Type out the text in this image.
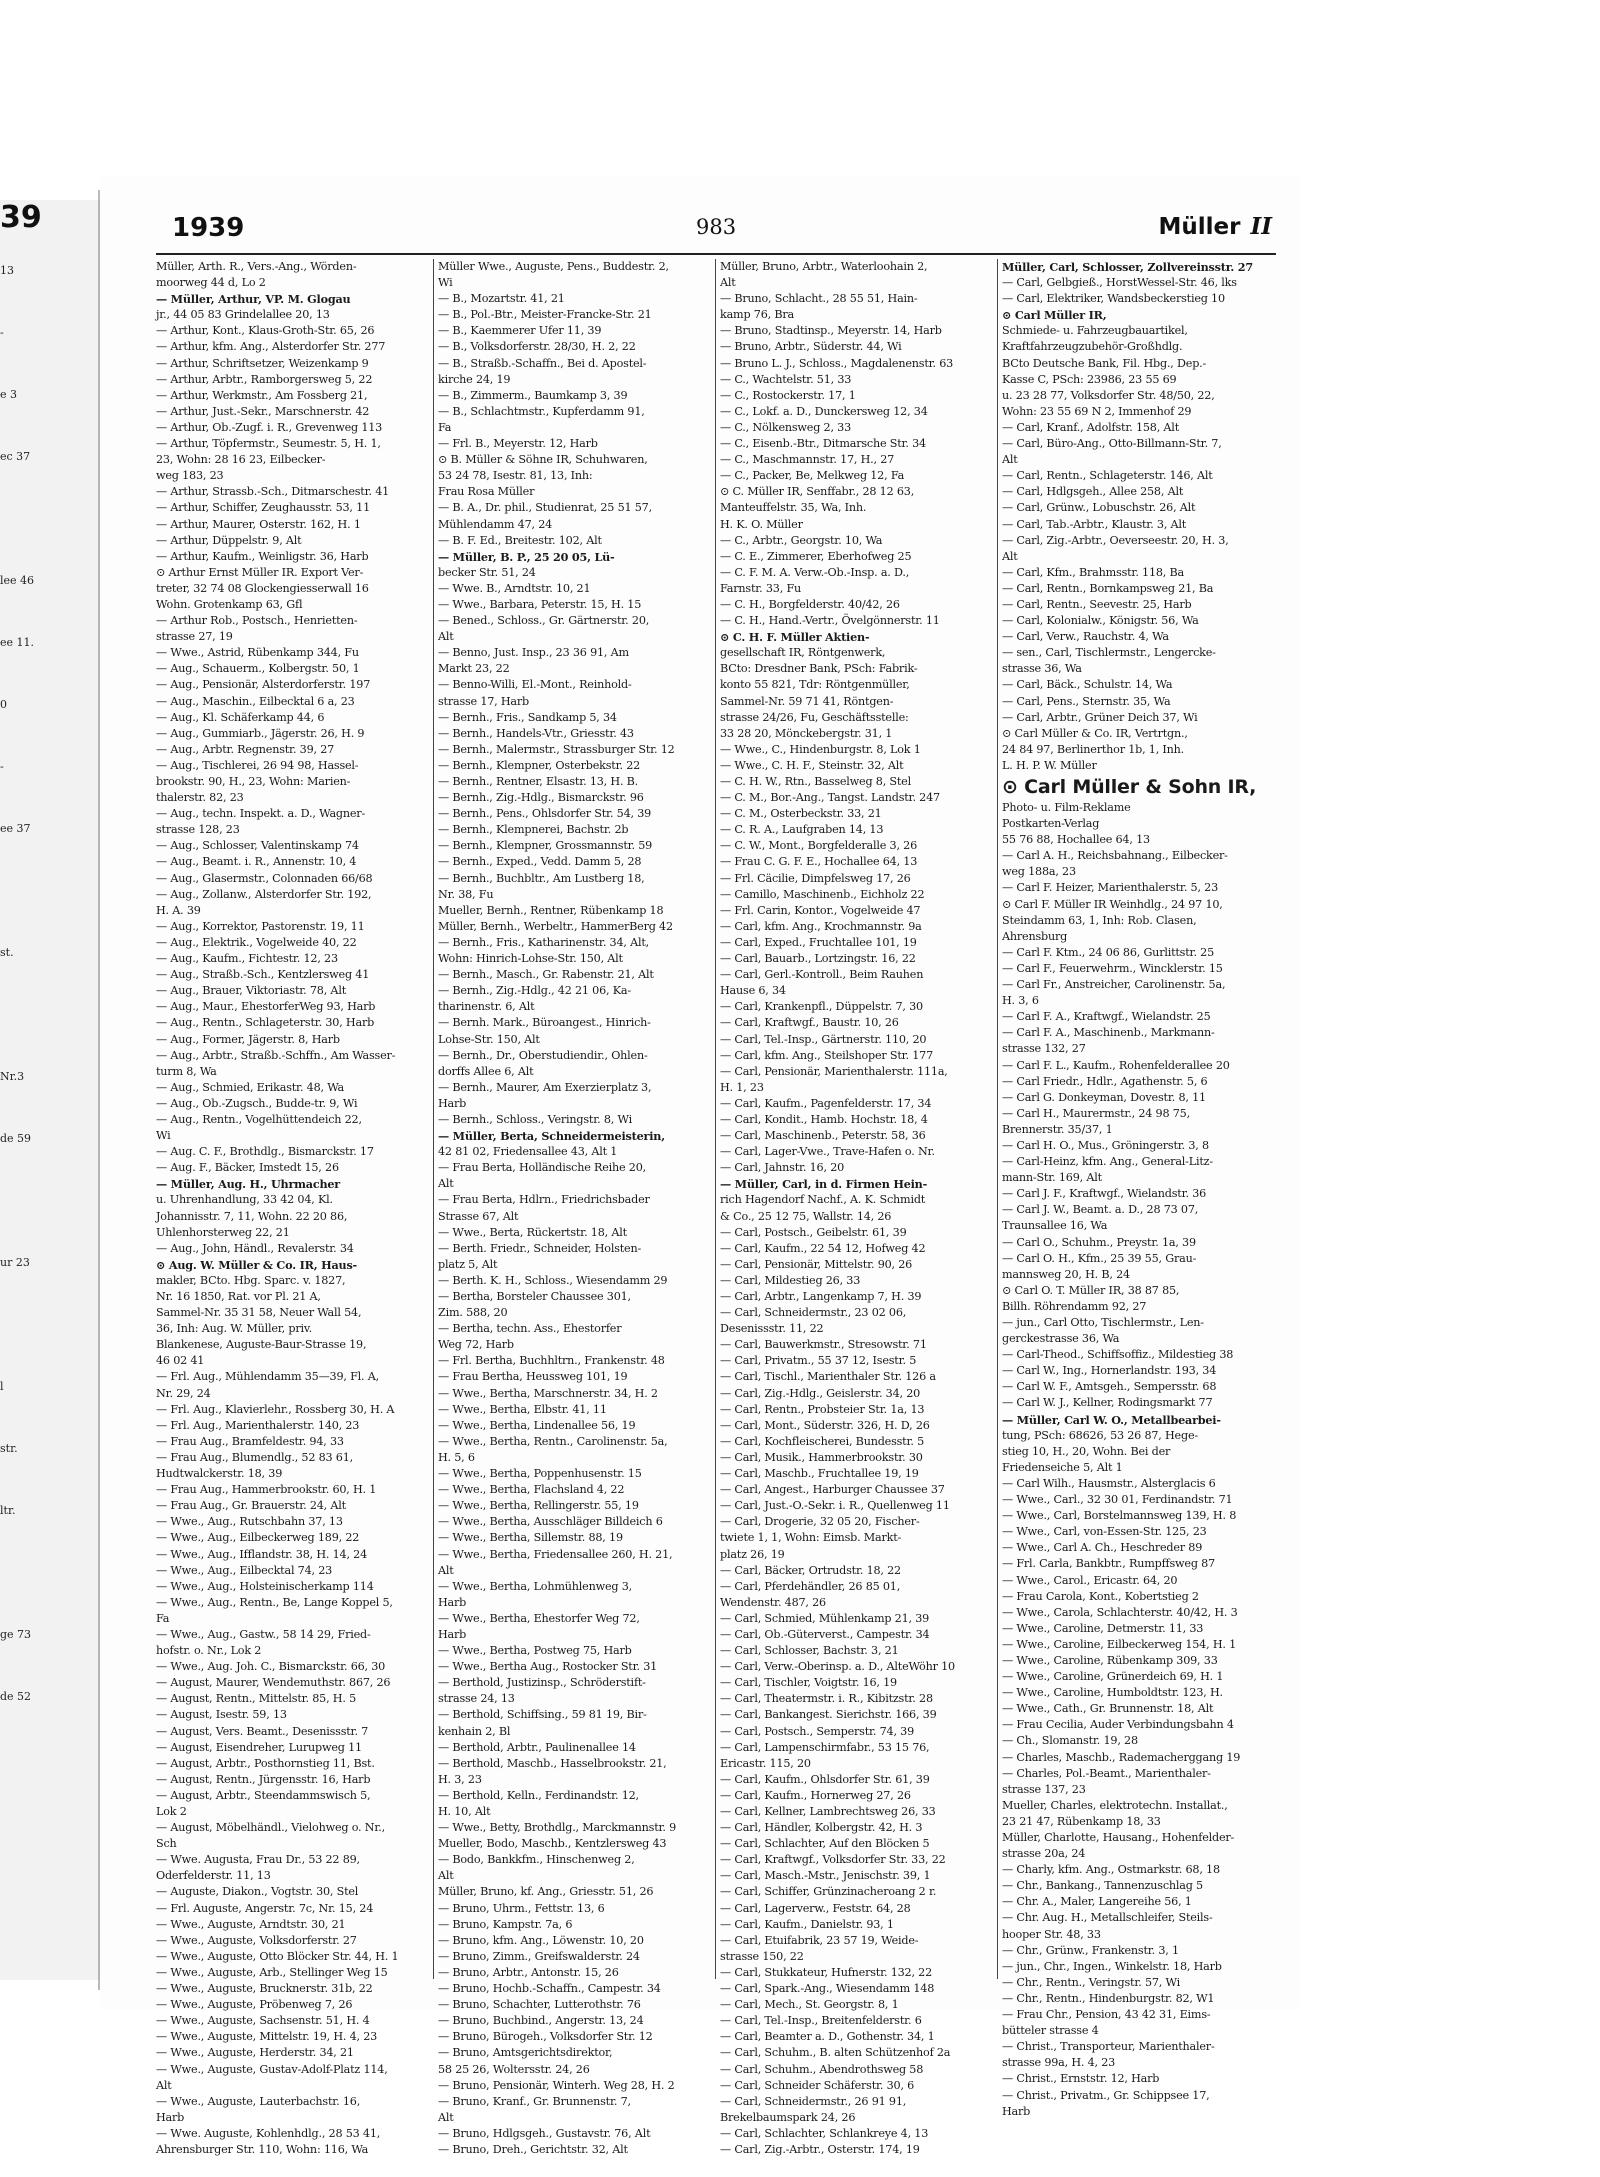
39
13
-
e 3
ec 37

lee 46
ee 11.
0
-
ee 37

st.

Nr.3
de 59

ur 23

l
str.
ltr.

ge 73
de 52

1939	983	Müller II
Müller, Arth. R., Vers.-Ang., Wörden-
moorweg 44 d, Lo 2
— Müller, Arthur, VP. M. Glogau
jr., 44 05 83 Grindelallee 20, 13
— Arthur, Kont., Klaus-Groth-Str. 65, 26
— Arthur, kfm. Ang., Alsterdorfer Str. 277
— Arthur, Schriftsetzer, Weizenkamp 9
— Arthur, Arbtr., Ramborgersweg 5, 22
— Arthur, Werkmstr., Am Fossberg 21,
— Arthur, Just.-Sekr., Marschnerstr. 42
— Arthur, Ob.-Zugf. i. R., Grevenweg 113
— Arthur, Töpfermstr., Seumestr. 5, H. 1,
23, Wohn: 28 16 23, Eilbecker-
weg 183, 23
— Arthur, Strassb.-Sch., Ditmarschestr. 41
— Arthur, Schiffer, Zeughausstr. 53, 11
— Arthur, Maurer, Osterstr. 162, H. 1
— Arthur, Düppelstr. 9, Alt
— Arthur, Kaufm., Weinligstr. 36, Harb
⊙ Arthur Ernst Müller IR. Export Ver-
treter, 32 74 08 Glockengiesserwall 16
Wohn. Grotenkamp 63, Gfl
— Arthur Rob., Postsch., Henrietten-
strasse 27, 19
— Wwe., Astrid, Rübenkamp 344, Fu
— Aug., Schauerm., Kolbergstr. 50, 1
— Aug., Pensionär, Alsterdorferstr. 197
— Aug., Maschin., Eilbecktal 6 a, 23
— Aug., Kl. Schäferkamp 44, 6
— Aug., Gummiarb., Jägerstr. 26, H. 9
— Aug., Arbtr. Regnenstr. 39, 27
— Aug., Tischlerei, 26 94 98, Hassel-
brookstr. 90, H., 23, Wohn: Marien-
thalerstr. 82, 23
— Aug., techn. Inspekt. a. D., Wagner-
strasse 128, 23
— Aug., Schlosser, Valentinskamp 74
— Aug., Beamt. i. R., Annenstr. 10, 4
— Aug., Glasermstr., Colonnaden 66/68
— Aug., Zollanw., Alsterdorfer Str. 192,
H. A. 39
— Aug., Korrektor, Pastorenstr. 19, 11
— Aug., Elektrik., Vogelweide 40, 22
— Aug., Kaufm., Fichtestr. 12, 23
— Aug., Straßb.-Sch., Kentzlersweg 41
— Aug., Brauer, Viktoriastr. 78, Alt
— Aug., Maur., EhestorferWeg 93, Harb
— Aug., Rentn., Schlageterstr. 30, Harb
— Aug., Former, Jägerstr. 8, Harb
— Aug., Arbtr., Straßb.-Schffn., Am Wasser-
turm 8, Wa
— Aug., Schmied, Erikastr. 48, Wa
— Aug., Ob.-Zugsch., Budde-tr. 9, Wi
— Aug., Rentn., Vogelhüttendeich 22,
Wi
— Aug. C. F., Brothdlg., Bismarckstr. 17
— Aug. F., Bäcker, Imstedt 15, 26
— Müller, Aug. H., Uhrmacher
u. Uhrenhandlung, 33 42 04, Kl.
Johannisstr. 7, 11, Wohn. 22 20 86,
Uhlenhorsterweg 22, 21
— Aug., John, Händl., Revalerstr. 34
⊙ Aug. W. Müller & Co. IR, Haus-
makler, BCto. Hbg. Sparc. v. 1827,
Nr. 16 1850, Rat. vor Pl. 21 A,
Sammel-Nr. 35 31 58, Neuer Wall 54,
36, Inh: Aug. W. Müller, priv.
Blankenese, Auguste-Baur-Strasse 19,
46 02 41
— Frl. Aug., Mühlendamm 35—39, Fl. A,
Nr. 29, 24
— Frl. Aug., Klavierlehr., Rossberg 30, H. A
— Frl. Aug., Marienthalerstr. 140, 23
— Frau Aug., Bramfeldestr. 94, 33
— Frau Aug., Blumendlg., 52 83 61,
Hudtwalckerstr. 18, 39
— Frau Aug., Hammerbrookstr. 60, H. 1
— Frau Aug., Gr. Brauerstr. 24, Alt
— Wwe., Aug., Rutschbahn 37, 13
— Wwe., Aug., Eilbeckerweg 189, 22
— Wwe., Aug., Ifflandstr. 38, H. 14, 24
— Wwe., Aug., Eilbecktal 74, 23
— Wwe., Aug., Holsteinischerkamp 114
— Wwe., Aug., Rentn., Be, Lange Koppel 5,
Fa
— Wwe., Aug., Gastw., 58 14 29, Fried-
hofstr. o. Nr., Lok 2
— Wwe., Aug. Joh. C., Bismarckstr. 66, 30
— August, Maurer, Wendemuthstr. 867, 26
— August, Rentn., Mittelstr. 85, H. 5
— August, Isestr. 59, 13
— August, Vers. Beamt., Desenissstr. 7
— August, Eisendreher, Lurupweg 11
— August, Arbtr., Posthornstieg 11, Bst.
— August, Rentn., Jürgensstr. 16, Harb
— August, Arbtr., Steendammswisch 5,
Lok 2
— August, Möbelhändl., Vielohweg o. Nr.,
Sch
— Wwe. Augusta, Frau Dr., 53 22 89,
Oderfelderstr. 11, 13
— Auguste, Diakon., Vogtstr. 30, Stel
— Frl. Auguste, Angerstr. 7c, Nr. 15, 24
— Wwe., Auguste, Arndtstr. 30, 21
— Wwe., Auguste, Volksdorferstr. 27
— Wwe., Auguste, Otto Blöcker Str. 44, H. 1
— Wwe., Auguste, Arb., Stellinger Weg 15
— Wwe., Auguste, Brucknerstr. 31b, 22
— Wwe., Auguste, Pröbenweg 7, 26
— Wwe., Auguste, Sachsenstr. 51, H. 4
— Wwe., Auguste, Mittelstr. 19, H. 4, 23
— Wwe., Auguste, Herderstr. 34, 21
— Wwe., Auguste, Gustav-Adolf-Platz 114,
Alt
— Wwe., Auguste, Lauterbachstr. 16,
Harb
— Wwe. Auguste, Kohlenhdlg., 28 53 41,
Ahrensburger Str. 110, Wohn: 116, Wa
Müller Wwe., Auguste, Pens., Buddestr. 2,
Wi
— B., Mozartstr. 41, 21
— B., Pol.-Btr., Meister-Francke-Str. 21
— B., Kaemmerer Ufer 11, 39
— B., Volksdorferstr. 28/30, H. 2, 22
— B., Straßb.-Schaffn., Bei d. Apostel-
kirche 24, 19
— B., Zimmerm., Baumkamp 3, 39
— B., Schlachtmstr., Kupferdamm 91,
Fa
— Frl. B., Meyerstr. 12, Harb
⊙ B. Müller & Söhne IR, Schuhwaren,
53 24 78, Isestr. 81, 13, Inh:
Frau Rosa Müller
— B. A., Dr. phil., Studienrat, 25 51 57,
Mühlendamm 47, 24
— B. F. Ed., Breitestr. 102, Alt
— Müller, B. P., 25 20 05, Lü-
becker Str. 51, 24
— Wwe. B., Arndtstr. 10, 21
— Wwe., Barbara, Peterstr. 15, H. 15
— Bened., Schloss., Gr. Gärtnerstr. 20,
Alt
— Benno, Just. Insp., 23 36 91, Am
Markt 23, 22
— Benno-Willi, El.-Mont., Reinhold-
strasse 17, Harb
— Bernh., Fris., Sandkamp 5, 34
— Bernh., Handels-Vtr., Griesstr. 43
— Bernh., Malermstr., Strassburger Str. 12
— Bernh., Klempner, Osterbekstr. 22
— Bernh., Rentner, Elsastr. 13, H. B.
— Bernh., Zig.-Hdlg., Bismarckstr. 96
— Bernh., Pens., Ohlsdorfer Str. 54, 39
— Bernh., Klempnerei, Bachstr. 2b
— Bernh., Klempner, Grossmannstr. 59
— Bernh., Exped., Vedd. Damm 5, 28
— Bernh., Buchbltr., Am Lustberg 18,
Nr. 38, Fu
Mueller, Bernh., Rentner, Rübenkamp 18
Müller, Bernh., Werbeltr., HammerBerg 42
— Bernh., Fris., Katharinenstr. 34, Alt,
Wohn: Hinrich-Lohse-Str. 150, Alt
— Bernh., Masch., Gr. Rabenstr. 21, Alt
— Bernh., Zig.-Hdlg., 42 21 06, Ka-
tharinenstr. 6, Alt
— Bernh. Mark., Büroangest., Hinrich-
Lohse-Str. 150, Alt
— Bernh., Dr., Oberstudiendir., Ohlen-
dorffs Allee 6, Alt
— Bernh., Maurer, Am Exerzierplatz 3,
Harb
— Bernh., Schloss., Veringstr. 8, Wi
— Müller, Berta, Schneidermeisterin,
42 81 02, Friedensallee 43, Alt 1
— Frau Berta, Holländische Reihe 20,
Alt
— Frau Berta, Hdlrn., Friedrichsbader
Strasse 67, Alt
— Wwe., Berta, Rückertstr. 18, Alt
— Berth. Friedr., Schneider, Holsten-
platz 5, Alt
— Berth. K. H., Schloss., Wiesendamm 29
— Bertha, Borsteler Chaussee 301,
Zim. 588, 20
— Bertha, techn. Ass., Ehestorfer
Weg 72, Harb
— Frl. Bertha, Buchhltrn., Frankenstr. 48
— Frau Bertha, Heussweg 101, 19
— Wwe., Bertha, Marschnerstr. 34, H. 2
— Wwe., Bertha, Elbstr. 41, 11
— Wwe., Bertha, Lindenallee 56, 19
— Wwe., Bertha, Rentn., Carolinenstr. 5a,
H. 5, 6
— Wwe., Bertha, Poppenhusenstr. 15
— Wwe., Bertha, Flachsland 4, 22
— Wwe., Bertha, Rellingerstr. 55, 19
— Wwe., Bertha, Ausschläger Billdeich 6
— Wwe., Bertha, Sillemstr. 88, 19
— Wwe., Bertha, Friedensallee 260, H. 21,
Alt
— Wwe., Bertha, Lohmühlenweg 3,
Harb
— Wwe., Bertha, Ehestorfer Weg 72,
Harb
— Wwe., Bertha, Postweg 75, Harb
— Wwe., Bertha Aug., Rostocker Str. 31
— Berthold, Justizinsp., Schröderstift-
strasse 24, 13
— Berthold, Schiffsing., 59 81 19, Bir-
kenhain 2, Bl
— Berthold, Arbtr., Paulinenallee 14
— Berthold, Maschb., Hasselbrookstr. 21,
H. 3, 23
— Berthold, Kelln., Ferdinandstr. 12,
H. 10, Alt
— Wwe., Betty, Brothdlg., Marckmannstr. 9
Mueller, Bodo, Maschb., Kentzlersweg 43
— Bodo, Bankkfm., Hinschenweg 2,
Alt
Müller, Bruno, kf. Ang., Griesstr. 51, 26
— Bruno, Uhrm., Fettstr. 13, 6
— Bruno, Kampstr. 7a, 6
— Bruno, kfm. Ang., Löwenstr. 10, 20
— Bruno, Zimm., Greifswalderstr. 24
— Bruno, Arbtr., Antonstr. 15, 26
— Bruno, Hochb.-Schaffn., Campestr. 34
— Bruno, Schachter, Lutterothstr. 76
— Bruno, Buchbind., Angerstr. 13, 24
— Bruno, Bürogeh., Volksdorfer Str. 12
— Bruno, Amtsgerichtsdirektor,
58 25 26, Woltersstr. 24, 26
— Bruno, Pensionär, Winterh. Weg 28, H. 2
— Bruno, Kranf., Gr. Brunnenstr. 7,
Alt
— Bruno, Hdlgsgeh., Gustavstr. 76, Alt
— Bruno, Dreh., Gerichtstr. 32, Alt
Müller, Bruno, Arbtr., Waterloohain 2,
Alt
— Bruno, Schlacht., 28 55 51, Hain-
kamp 76, Bra
— Bruno, Stadtinsp., Meyerstr. 14, Harb
— Bruno, Arbtr., Süderstr. 44, Wi
— Bruno L. J., Schloss., Magdalenenstr. 63
— C., Wachtelstr. 51, 33
— C., Rostockerstr. 17, 1
— C., Lokf. a. D., Dunckersweg 12, 34
— C., Nölkensweg 2, 33
— C., Eisenb.-Btr., Ditmarsche Str. 34
— C., Maschmannstr. 17, H., 27
— C., Packer, Be, Melkweg 12, Fa
⊙ C. Müller IR, Senffabr., 28 12 63,
Manteuffelstr. 35, Wa, Inh.
H. K. O. Müller
— C., Arbtr., Georgstr. 10, Wa
— C. E., Zimmerer, Eberhofweg 25
— C. F. M. A. Verw.-Ob.-Insp. a. D.,
Farnstr. 33, Fu
— C. H., Borgfelderstr. 40/42, 26
— C. H., Hand.-Vertr., Övelgönnerstr. 11
⊙ C. H. F. Müller Aktien-
gesellschaft IR, Röntgenwerk,
BCto: Dresdner Bank, PSch: Fabrik-
konto 55 821, Tdr: Röntgenmüller,
Sammel-Nr. 59 71 41, Röntgen-
strasse 24/26, Fu, Geschäftsstelle:
33 28 20, Mönckebergstr. 31, 1
— Wwe., C., Hindenburgstr. 8, Lok 1
— Wwe., C. H. F., Steinstr. 32, Alt
— C. H. W., Rtn., Basselweg 8, Stel
— C. M., Bor.-Ang., Tangst. Landstr. 247
— C. M., Osterbeckstr. 33, 21
— C. R. A., Laufgraben 14, 13
— C. W., Mont., Borgfelderalle 3, 26
— Frau C. G. F. E., Hochallee 64, 13
— Frl. Cäcilie, Dimpfelsweg 17, 26
— Camillo, Maschinenb., Eichholz 22
— Frl. Carin, Kontor., Vogelweide 47
— Carl, kfm. Ang., Krochmannstr. 9a
— Carl, Exped., Fruchtallee 101, 19
— Carl, Bauarb., Lortzingstr. 16, 22
— Carl, Gerl.-Kontroll., Beim Rauhen
Hause 6, 34
— Carl, Krankenpfl., Düppelstr. 7, 30
— Carl, Kraftwgf., Baustr. 10, 26
— Carl, Tel.-Insp., Gärtnerstr. 110, 20
— Carl, kfm. Ang., Steilshoper Str. 177
— Carl, Pensionär, Marienthalerstr. 111a,
H. 1, 23
— Carl, Kaufm., Pagenfelderstr. 17, 34
— Carl, Kondit., Hamb. Hochstr. 18, 4
— Carl, Maschinenb., Peterstr. 58, 36
— Carl, Lager-Vwe., Trave-Hafen o. Nr.
— Carl, Jahnstr. 16, 20
— Müller, Carl, in d. Firmen Hein-
rich Hagendorf Nachf., A. K. Schmidt
& Co., 25 12 75, Wallstr. 14, 26
— Carl, Postsch., Geibelstr. 61, 39
— Carl, Kaufm., 22 54 12, Hofweg 42
— Carl, Pensionär, Mittelstr. 90, 26
— Carl, Mildestieg 26, 33
— Carl, Arbtr., Langenkamp 7, H. 39
— Carl, Schneidermstr., 23 02 06,
Desenissstr. 11, 22
— Carl, Bauwerkmstr., Stresowstr. 71
— Carl, Privatm., 55 37 12, Isestr. 5
— Carl, Tischl., Marienthaler Str. 126 a
— Carl, Zig.-Hdlg., Geislerstr. 34, 20
— Carl, Rentn., Probsteier Str. 1a, 13
— Carl, Mont., Süderstr. 326, H. D, 26
— Carl, Kochfleischerei, Bundesstr. 5
— Carl, Musik., Hammerbrookstr. 30
— Carl, Maschb., Fruchtallee 19, 19
— Carl, Angest., Harburger Chaussee 37
— Carl, Just.-O.-Sekr. i. R., Quellenweg 11
— Carl, Drogerie, 32 05 20, Fischer-
twiete 1, 1, Wohn: Eimsb. Markt-
platz 26, 19
— Carl, Bäcker, Ortrudstr. 18, 22
— Carl, Pferdehändler, 26 85 01,
Wendenstr. 487, 26
— Carl, Schmied, Mühlenkamp 21, 39
— Carl, Ob.-Güterverst., Campestr. 34
— Carl, Schlosser, Bachstr. 3, 21
— Carl, Verw.-Oberinsp. a. D., AlteWöhr 10
— Carl, Tischler, Voigtstr. 16, 19
— Carl, Theatermstr. i. R., Kibitzstr. 28
— Carl, Bankangest. Sierichstr. 166, 39
— Carl, Postsch., Semperstr. 74, 39
— Carl, Lampenschirmfabr., 53 15 76,
Ericastr. 115, 20
— Carl, Kaufm., Ohlsdorfer Str. 61, 39
— Carl, Kaufm., Hornerweg 27, 26
— Carl, Kellner, Lambrechtsweg 26, 33
— Carl, Händler, Kolbergstr. 42, H. 3
— Carl, Schlachter, Auf den Blöcken 5
— Carl, Kraftwgf., Volksdorfer Str. 33, 22
— Carl, Masch.-Mstr., Jenischstr. 39, 1
— Carl, Schiffer, Grünzinacheroang 2 r.
— Carl, Lagerverw., Feststr. 64, 28
— Carl, Kaufm., Danielstr. 93, 1
— Carl, Etuifabrik, 23 57 19, Weide-
strasse 150, 22
— Carl, Stukkateur, Hufnerstr. 132, 22
— Carl, Spark.-Ang., Wiesendamm 148
— Carl, Mech., St. Georgstr. 8, 1
— Carl, Tel.-Insp., Breitenfelderstr. 6
— Carl, Beamter a. D., Gothenstr. 34, 1
— Carl, Schuhm., B. alten Schützenhof 2a
— Carl, Schuhm., Abendrothsweg 58
— Carl, Schneider Schäferstr. 30, 6
— Carl, Schneidermstr., 26 91 91,
Brekelbaumspark 24, 26
— Carl, Schlachter, Schlankreye 4, 13
— Carl, Zig.-Arbtr., Osterstr. 174, 19
Müller, Carl, Schlosser, Zollvereinsstr. 27
— Carl, Gelbgieß., HorstWessel-Str. 46, lks
— Carl, Elektriker, Wandsbeckerstieg 10
⊙ Carl Müller IR,
Schmiede- u. Fahrzeugbauartikel,
Kraftfahrzeugzubehör-Großhdlg.
BCto Deutsche Bank, Fil. Hbg., Dep.-
Kasse C, PSch: 23986, 23 55 69
u. 23 28 77, Volksdorfer Str. 48/50, 22,
Wohn: 23 55 69 N 2, Immenhof 29
— Carl, Kranf., Adolfstr. 158, Alt
— Carl, Büro-Ang., Otto-Billmann-Str. 7,
Alt
— Carl, Rentn., Schlageterstr. 146, Alt
— Carl, Hdlgsgeh., Allee 258, Alt
— Carl, Grünw., Lobuschstr. 26, Alt
— Carl, Tab.-Arbtr., Klaustr. 3, Alt
— Carl, Zig.-Arbtr., Oeverseestr. 20, H. 3,
Alt
— Carl, Kfm., Brahmsstr. 118, Ba
— Carl, Rentn., Bornkampsweg 21, Ba
— Carl, Rentn., Seevestr. 25, Harb
— Carl, Kolonialw., Königstr. 56, Wa
— Carl, Verw., Rauchstr. 4, Wa
— sen., Carl, Tischlermstr., Lengercke-
strasse 36, Wa
— Carl, Bäck., Schulstr. 14, Wa
— Carl, Pens., Sternstr. 35, Wa
— Carl, Arbtr., Grüner Deich 37, Wi
⊙ Carl Müller & Co. IR, Vertrtgn.,
24 84 97, Berlinerthor 1b, 1, Inh.
L. H. P. W. Müller
⊙ Carl Müller & Sohn IR,
Photo- u. Film-Reklame
Postkarten-Verlag
55 76 88, Hochallee 64, 13
— Carl A. H., Reichsbahnang., Eilbecker-
weg 188a, 23
— Carl F. Heizer, Marienthalerstr. 5, 23
⊙ Carl F. Müller IR Weinhdlg., 24 97 10,
Steindamm 63, 1, Inh: Rob. Clasen,
Ahrensburg
— Carl F. Ktm., 24 06 86, Gurlittstr. 25
— Carl F., Feuerwehrm., Wincklerstr. 15
— Carl Fr., Anstreicher, Carolinenstr. 5a,
H. 3, 6
— Carl F. A., Kraftwgf., Wielandstr. 25
— Carl F. A., Maschinenb., Markmann-
strasse 132, 27
— Carl F. L., Kaufm., Rohenfelderallee 20
— Carl Friedr., Hdlr., Agathenstr. 5, 6
— Carl G. Donkeyman, Dovestr. 8, 11
— Carl H., Maurermstr., 24 98 75,
Brennerstr. 35/37, 1
— Carl H. O., Mus., Gröningerstr. 3, 8
— Carl-Heinz, kfm. Ang., General-Litz-
mann-Str. 169, Alt
— Carl J. F., Kraftwgf., Wielandstr. 36
— Carl J. W., Beamt. a. D., 28 73 07,
Traunsallee 16, Wa
— Carl O., Schuhm., Preystr. 1a, 39
— Carl O. H., Kfm., 25 39 55, Grau-
mannsweg 20, H. B, 24
⊙ Carl O. T. Müller IR, 38 87 85,
Billh. Röhrendamm 92, 27
— jun., Carl Otto, Tischlermstr., Len-
gerckestrasse 36, Wa
— Carl-Theod., Schiffsoffiz., Mildestieg 38
— Carl W., Ing., Hornerlandstr. 193, 34
— Carl W. F., Amtsgeh., Sempersstr. 68
— Carl W. J., Kellner, Rodingsmarkt 77
— Müller, Carl W. O., Metallbearbei-
tung, PSch: 68626, 53 26 87, Hege-
stieg 10, H., 20, Wohn. Bei der
Friedenseiche 5, Alt 1
— Carl Wilh., Hausmstr., Alsterglacis 6
— Wwe., Carl., 32 30 01, Ferdinandstr. 71
— Wwe., Carl, Borstelmannsweg 139, H. 8
— Wwe., Carl, von-Essen-Str. 125, 23
— Wwe., Carl A. Ch., Heschreder 89
— Frl. Carla, Bankbtr., Rumpffsweg 87
— Wwe., Carol., Ericastr. 64, 20
— Frau Carola, Kont., Kobertstieg 2
— Wwe., Carola, Schlachterstr. 40/42, H. 3
— Wwe., Caroline, Detmerstr. 11, 33
— Wwe., Caroline, Eilbeckerweg 154, H. 1
— Wwe., Caroline, Rübenkamp 309, 33
— Wwe., Caroline, Grünerdeich 69, H. 1
— Wwe., Caroline, Humboldtstr. 123, H.
— Wwe., Cath., Gr. Brunnenstr. 18, Alt
— Frau Cecilia, Auder Verbindungsbahn 4
— Ch., Slomanstr. 19, 28
— Charles, Maschb., Rademacherggang 19
— Charles, Pol.-Beamt., Marienthaler-
strasse 137, 23
Mueller, Charles, elektrotechn. Installat.,
23 21 47, Rübenkamp 18, 33
Müller, Charlotte, Hausang., Hohenfelder-
strasse 20a, 24
— Charly, kfm. Ang., Ostmarkstr. 68, 18
— Chr., Bankang., Tannenzuschlag 5
— Chr. A., Maler, Langereihe 56, 1
— Chr. Aug. H., Metallschleifer, Steils-
hooper Str. 48, 33
— Chr., Grünw., Frankenstr. 3, 1
— jun., Chr., Ingen., Winkelstr. 18, Harb
— Chr., Rentn., Veringstr. 57, Wi
— Chr., Rentn., Hindenburgstr. 82, W1
— Frau Chr., Pension, 43 42 31, Eims-
bütteler strasse 4
— Christ., Transporteur, Marienthaler-
strasse 99a, H. 4, 23
— Christ., Ernststr. 12, Harb
— Christ., Privatm., Gr. Schippsee 17,
Harb
